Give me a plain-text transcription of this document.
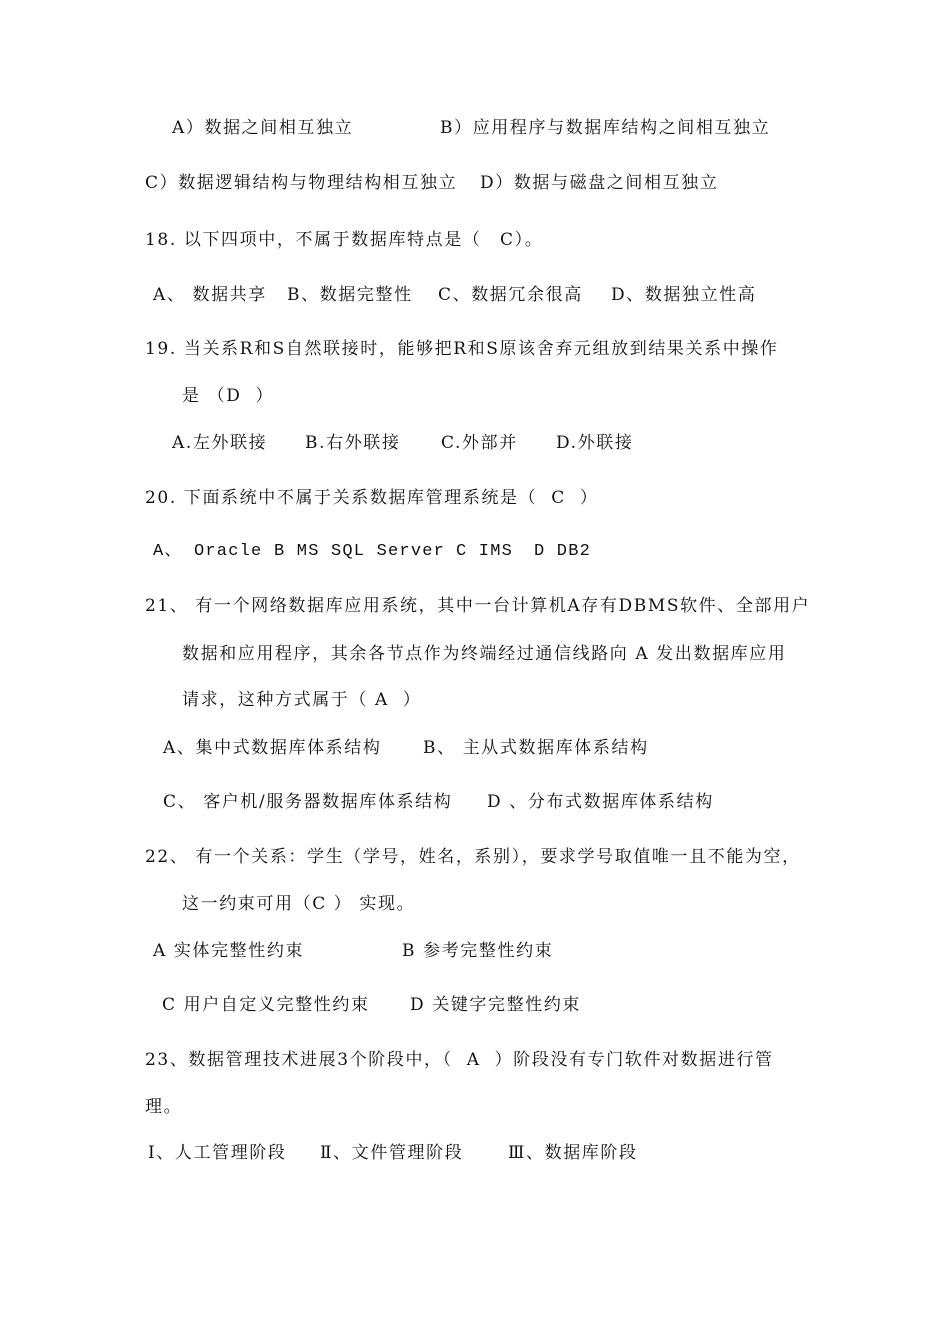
A）数据之间相互独立	B）应用程序与数据库结构之间相互独立
C）数据逻辑结构与物理结构相互独立 D）数据与磁盘之间相互独立
18. 以下四项中，不属于数据库特点是（　C）。
A、 数据共享 B、数据完整性 C、数据冗余很高 D、数据独立性高
19. 当关系R和S自然联接时，能够把R和S原该舍弃元组放到结果关系中操作
是 （D  ）
A.左外联接 B.右外联接 C.外部并 D.外联接
20. 下面系统中不属于关系数据库管理系统是（  C  ）
A、 Oracle B MS SQL Server C IMS D DB2
21、 有一个网络数据库应用系统，其中一台计算机A存有DBMS软件、全部用户
数据和应用程序，其余各节点作为终端经过通信线路向 A 发出数据库应用
请求，这种方式属于（ A  ）
A、集中式数据库体系结构 B、 主从式数据库体系结构
C、 客户机/服务器数据库体系结构 D 、分布式数据库体系结构
22、 有一个关系：学生（学号，姓名，系别），要求学号取值唯一且不能为空，
这一约束可用（C ） 实现。
A 实体完整性约束	B 参考完整性约束
C 用户自定义完整性约束 D 关键字完整性约束
23、数据管理技术进展3个阶段中，（  A  ）阶段没有专门软件对数据进行管
理。
Ⅰ、人工管理阶段 Ⅱ、文件管理阶段	Ⅲ、数据库阶段
